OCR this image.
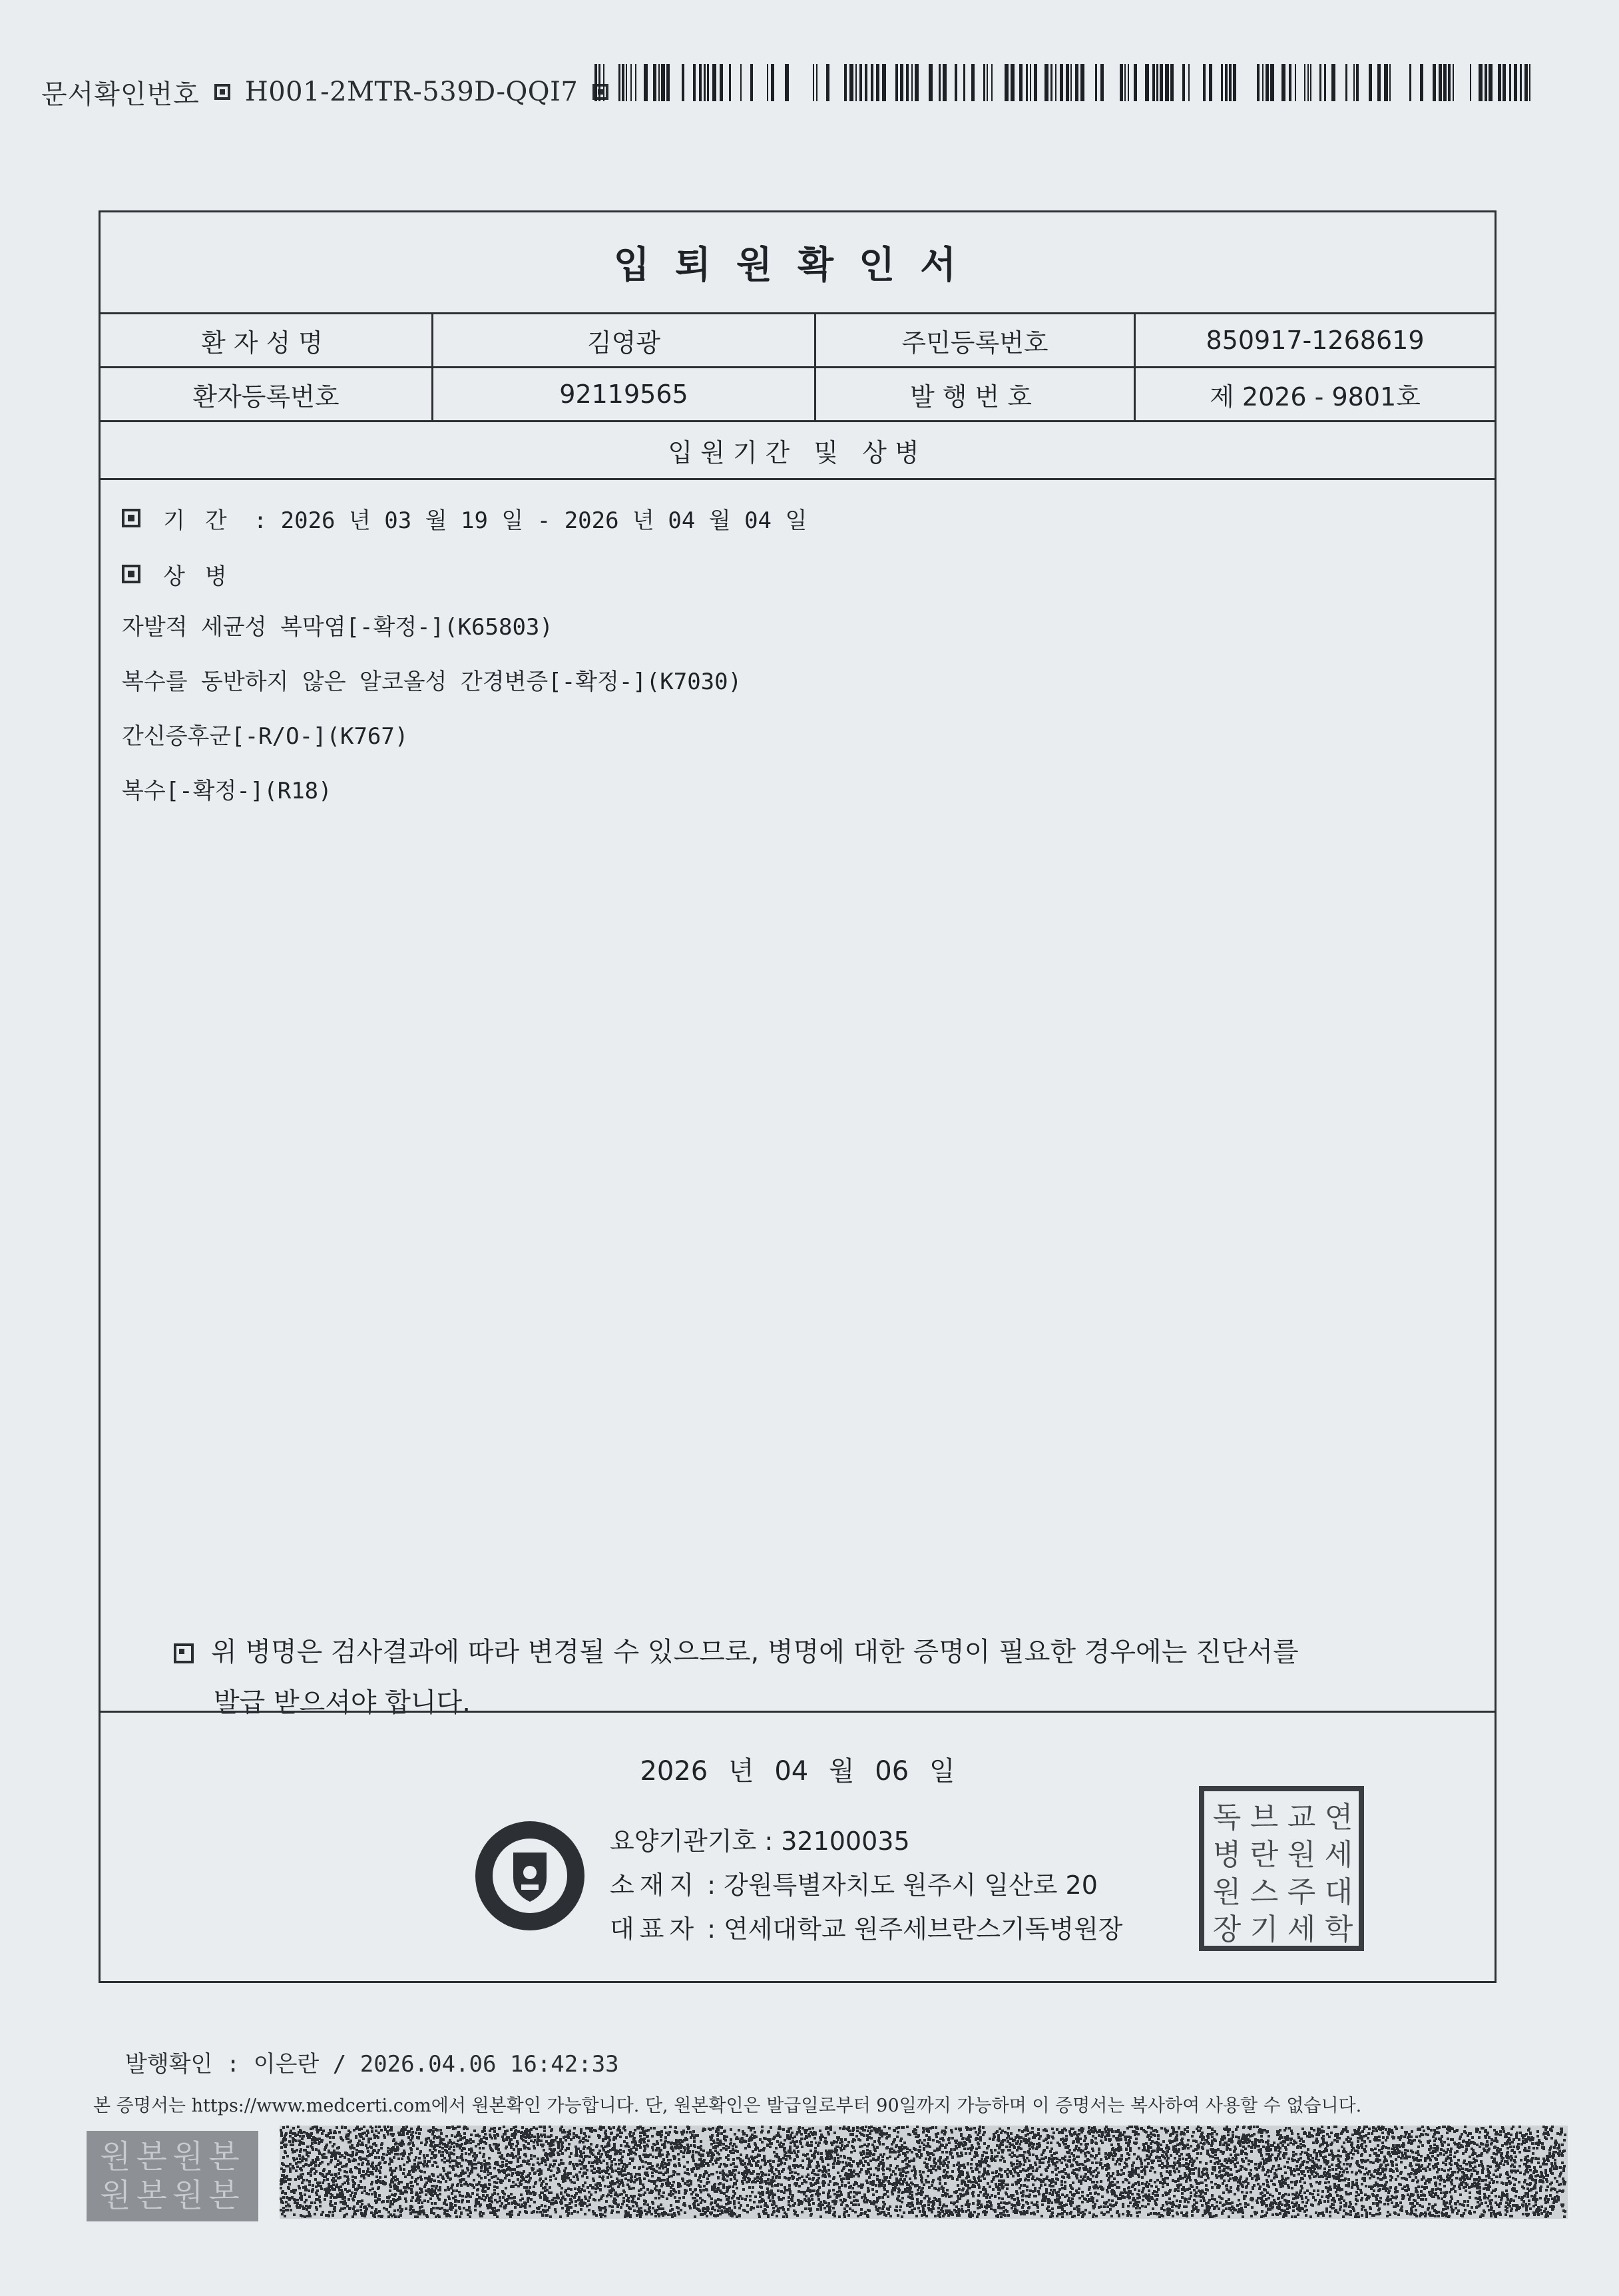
문서확인번호 H001-2MTR-539D-QQI7
입퇴원확인서
환자성명	김영광	주민등록번호	850917-1268619
환자등록번호	92119565	발행번호	제 2026 - 9801호
입원기간 및 상병
기간 : 2026 년 03 월 19 일 - 2026 년 04 월 04 일
상병
자발적 세균성 복막염[-확정-](K65803)
복수를 동반하지 않은 알코올성 간경변증[-확정-](K7030)
간신증후군[-R/O-](K767)
복수[-확정-](R18)
위 병명은 검사결과에 따라 변경될 수 있으므로, 병명에 대한 증명이 필요한 경우에는 진단서를
발급 받으셔야 합니다.
2026 년 04 월 06 일
요양기관기호 : 32100035
소재지 : 강원특별자치도 원주시 일산로 20
대표자 : 연세대학교 원주세브란스기독병원장
연
세
대
학
교
원
주
세
브
란
스
기
독
병
원
장
발행확인 : 이은란 / 2026.04.06 16:42:33
본 증명서는 https://www.medcerti.com에서 원본확인 가능합니다. 단, 원본확인은 발급일로부터 90일까지 가능하며 이 증명서는 복사하여 사용할 수 없습니다.
원본원본
원본원본
